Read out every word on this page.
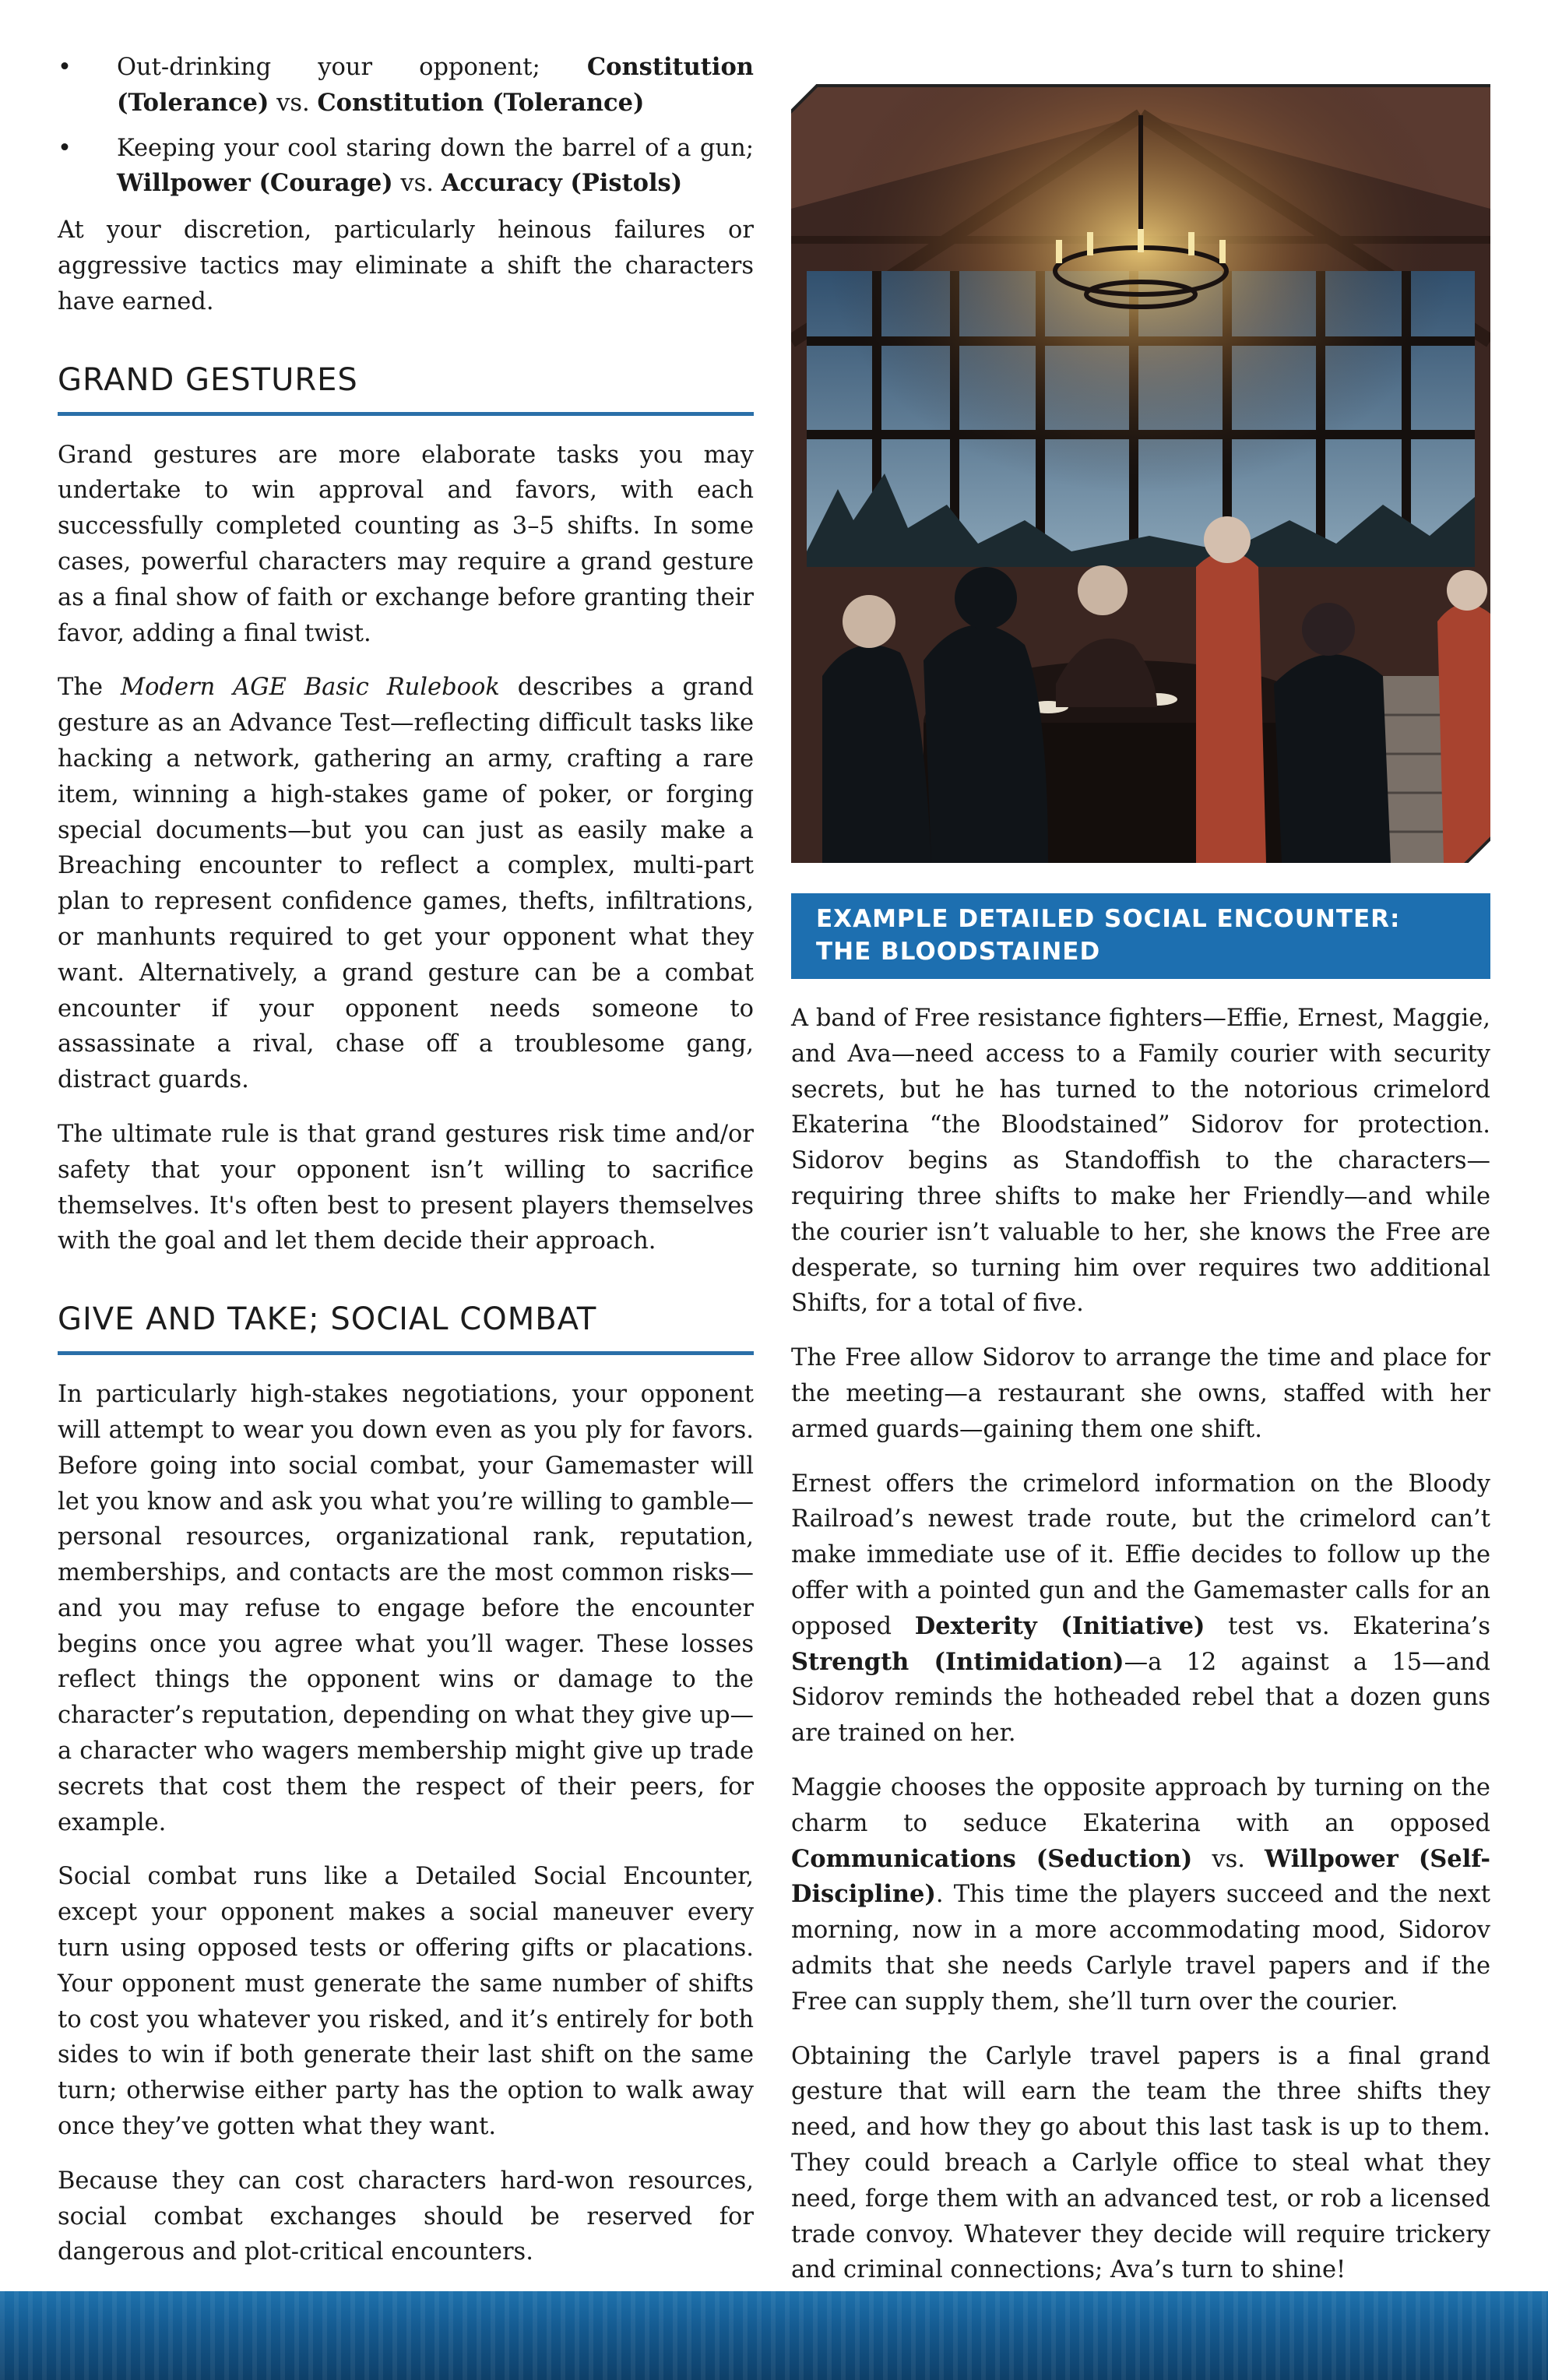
• Out-drinking your opponent; Constitution (Tolerance) vs. Constitution (Tolerance)
• Keeping your cool staring down the barrel of a gun; Willpower (Courage) vs. Accuracy (Pistols)

At your discretion, particularly heinous failures or aggressive tactics may eliminate a shift the characters have earned.

GRAND GESTURES

Grand gestures are more elaborate tasks you may undertake to win approval and favors, with each successfully completed counting as 3–5 shifts. In some cases, powerful characters may require a grand gesture as a final show of faith or exchange before granting their favor, adding a final twist.

The Modern AGE Basic Rulebook describes a grand gesture as an Advance Test—reflecting difficult tasks like hacking a network, gathering an army, crafting a rare item, winning a high-stakes game of poker, or forging special documents—but you can just as easily make a Breaching encounter to reflect a complex, multi-part plan to represent confidence games, thefts, infiltrations, or manhunts required to get your opponent what they want. Alternatively, a grand gesture can be a combat encounter if your opponent needs someone to assassinate a rival, chase off a troublesome gang, distract guards.

The ultimate rule is that grand gestures risk time and/or safety that your opponent isn’t willing to sacrifice themselves. It's often best to present players themselves with the goal and let them decide their approach.

GIVE AND TAKE; SOCIAL COMBAT

In particularly high-stakes negotiations, your opponent will attempt to wear you down even as you ply for favors. Before going into social combat, your Gamemaster will let you know and ask you what you’re willing to gamble—personal resources, organizational rank, reputation, memberships, and contacts are the most common risks—and you may refuse to engage before the encounter begins once you agree what you’ll wager. These losses reflect things the opponent wins or damage to the character’s reputation, depending on what they give up—a character who wagers membership might give up trade secrets that cost them the respect of their peers, for example.

Social combat runs like a Detailed Social Encounter, except your opponent makes a social maneuver every turn using opposed tests or offering gifts or placations. Your opponent must generate the same number of shifts to cost you whatever you risked, and it’s entirely for both sides to win if both generate their last shift on the same turn; otherwise either party has the option to walk away once they’ve gotten what they want.

Because they can cost characters hard-won resources, social combat exchanges should be reserved for dangerous and plot-critical encounters.

EXAMPLE DETAILED SOCIAL ENCOUNTER:
THE BLOODSTAINED

A band of Free resistance fighters—Effie, Ernest, Maggie, and Ava—need access to a Family courier with security secrets, but he has turned to the notorious crimelord Ekaterina “the Bloodstained” Sidorov for protection. Sidorov begins as Standoffish to the characters—requiring three shifts to make her Friendly—and while the courier isn’t valuable to her, she knows the Free are desperate, so turning him over requires two additional Shifts, for a total of five.

The Free allow Sidorov to arrange the time and place for the meeting—a restaurant she owns, staffed with her armed guards—gaining them one shift.

Ernest offers the crimelord information on the Bloody Railroad’s newest trade route, but the crimelord can’t make immediate use of it. Effie decides to follow up the offer with a pointed gun and the Gamemaster calls for an opposed Dexterity (Initiative) test vs. Ekaterina’s Strength (Intimidation)—a 12 against a 15—and Sidorov reminds the hotheaded rebel that a dozen guns are trained on her.

Maggie chooses the opposite approach by turning on the charm to seduce Ekaterina with an opposed Communications (Seduction) vs. Willpower (Self-Discipline). This time the players succeed and the next morning, now in a more accommodating mood, Sidorov admits that she needs Carlyle travel papers and if the Free can supply them, she’ll turn over the courier.

Obtaining the Carlyle travel papers is a final grand gesture that will earn the team the three shifts they need, and how they go about this last task is up to them. They could breach a Carlyle office to steal what they need, forge them with an advanced test, or rob a licensed trade convoy. Whatever they decide will require trickery and criminal connections; Ava’s turn to shine!
